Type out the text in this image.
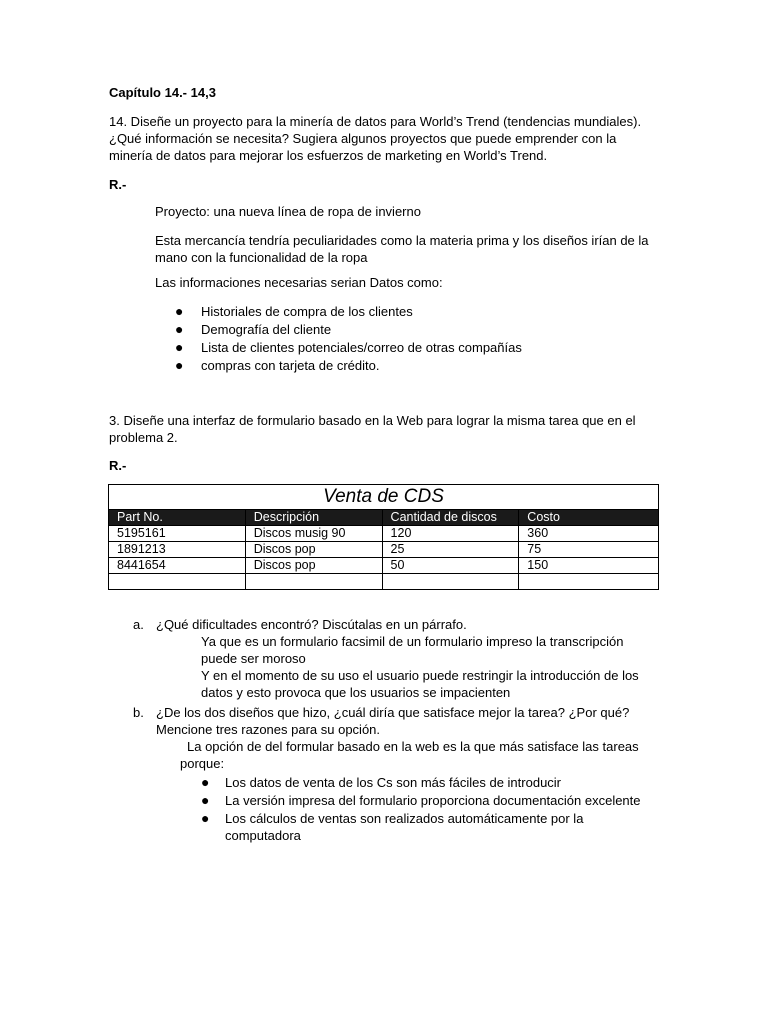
Capítulo 14.- 14,3

14. Diseñe un proyecto para la minería de datos para World’s Trend (tendencias mundiales).
¿Qué información se necesita? Sugiera algunos proyectos que puede emprender con la
minería de datos para mejorar los esfuerzos de marketing en World’s Trend.

R.-

Proyecto: una nueva línea de ropa de invierno

Esta mercancía tendría peculiaridades como la materia prima y los diseños irían de la
mano con la funcionalidad de la ropa

Las informaciones necesarias serian Datos como:

● Historiales de compra de los clientes
● Demografía del cliente
● Lista de clientes potenciales/correo de otras compañías
● compras con tarjeta de crédito.
3. Diseñe una interfaz de formulario basado en la Web para lograr la misma tarea que en el
problema 2.

R.-

Venta de CDS			
Part No.	Descripción	Cantidad de discos	Costo
5195161	Discos musig 90	120	360
1891213	Discos pop	25	75
8441654	Discos pop	50	150

a. ¿Qué dificultades encontró? Discútalas en un párrafo.
Ya que es un formulario facsimil de un formulario impreso la transcripción
puede ser moroso
Y en el momento de su uso el usuario puede restringir la introducción de los
datos y esto provoca que los usuarios se impacienten
b. ¿De los dos diseños que hizo, ¿cuál diría que satisface mejor la tarea? ¿Por qué?
Mencione tres razones para su opción.
La opción de del formular basado en la web es la que más satisface las tareas
porque:
● Los datos de venta de los Cs son más fáciles de introducir
● La versión impresa del formulario proporciona documentación excelente
● Los cálculos de ventas son realizados automáticamente por la
computadora
